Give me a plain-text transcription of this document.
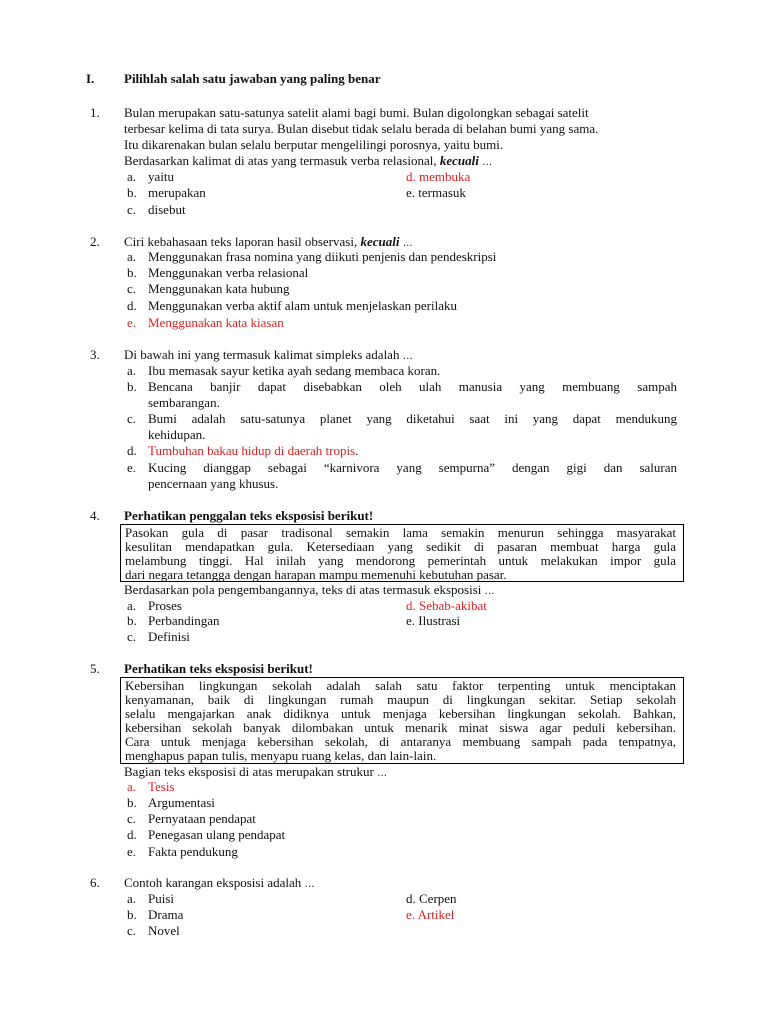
I. Pilihlah salah satu jawaban yang paling benar
1. Bulan merupakan satu-satunya satelit alami bagi bumi. Bulan digolongkan sebagai satelit
terbesar kelima di tata surya. Bulan disebut tidak selalu berada di belahan bumi yang sama.
Itu dikarenakan bulan selalu berputar mengelilingi porosnya, yaitu bumi.
Berdasarkan kalimat di atas yang termasuk verba relasional, kecuali …
a. yaitu
b. merupakan
c. disebut
d. membuka
e. termasuk
2. Ciri kebahasaan teks laporan hasil observasi, kecuali …
a. Menggunakan frasa nomina yang diikuti penjenis dan pendeskripsi
b. Menggunakan verba relasional
c. Menggunakan kata hubung
d. Menggunakan verba aktif alam untuk menjelaskan perilaku
e. Menggunakan kata kiasan
3. Di bawah ini yang termasuk kalimat simpleks adalah …
a. Ibu memasak sayur ketika ayah sedang membaca koran.
b. Bencana banjir dapat disebabkan oleh ulah manusia yang membuang sampah
sembarangan.
c. Bumi adalah satu-satunya planet yang diketahui saat ini yang dapat mendukung
kehidupan.
d. Tumbuhan bakau hidup di daerah tropis.
e. Kucing dianggap sebagai “karnivora yang sempurna” dengan gigi dan saluran
pencernaan yang khusus.
4. Perhatikan penggalan teks eksposisi berikut!
Pasokan gula di pasar tradisonal semakin lama semakin menurun sehingga masyarakat
kesulitan mendapatkan gula. Ketersediaan yang sedikit di pasaran membuat harga gula
melambung tinggi. Hal inilah yang mendorong pemerintah untuk melakukan impor gula
dari negara tetangga dengan harapan mampu memenuhi kebutuhan pasar.
Berdasarkan pola pengembangannya, teks di atas termasuk eksposisi …
a. Proses
b. Perbandingan
c. Definisi
d. Sebab-akibat
e. Ilustrasi
5. Perhatikan teks eksposisi berikut!
Kebersihan lingkungan sekolah adalah salah satu faktor terpenting untuk menciptakan
kenyamanan, baik di lingkungan rumah maupun di lingkungan sekitar. Setiap sekolah
selalu mengajarkan anak didiknya untuk menjaga kebersihan lingkungan sekolah. Bahkan,
kebersihan sekolah banyak dilombakan untuk menarik minat siswa agar peduli kebersihan.
Cara untuk menjaga kebersihan sekolah, di antaranya membuang sampah pada tempatnya,
menghapus papan tulis, menyapu ruang kelas, dan lain-lain.
Bagian teks eksposisi di atas merupakan strukur …
a. Tesis
b. Argumentasi
c. Pernyataan pendapat
d. Penegasan ulang pendapat
e. Fakta pendukung
6. Contoh karangan eksposisi adalah …
a. Puisi
b. Drama
c. Novel
d. Cerpen
e. Artikel
